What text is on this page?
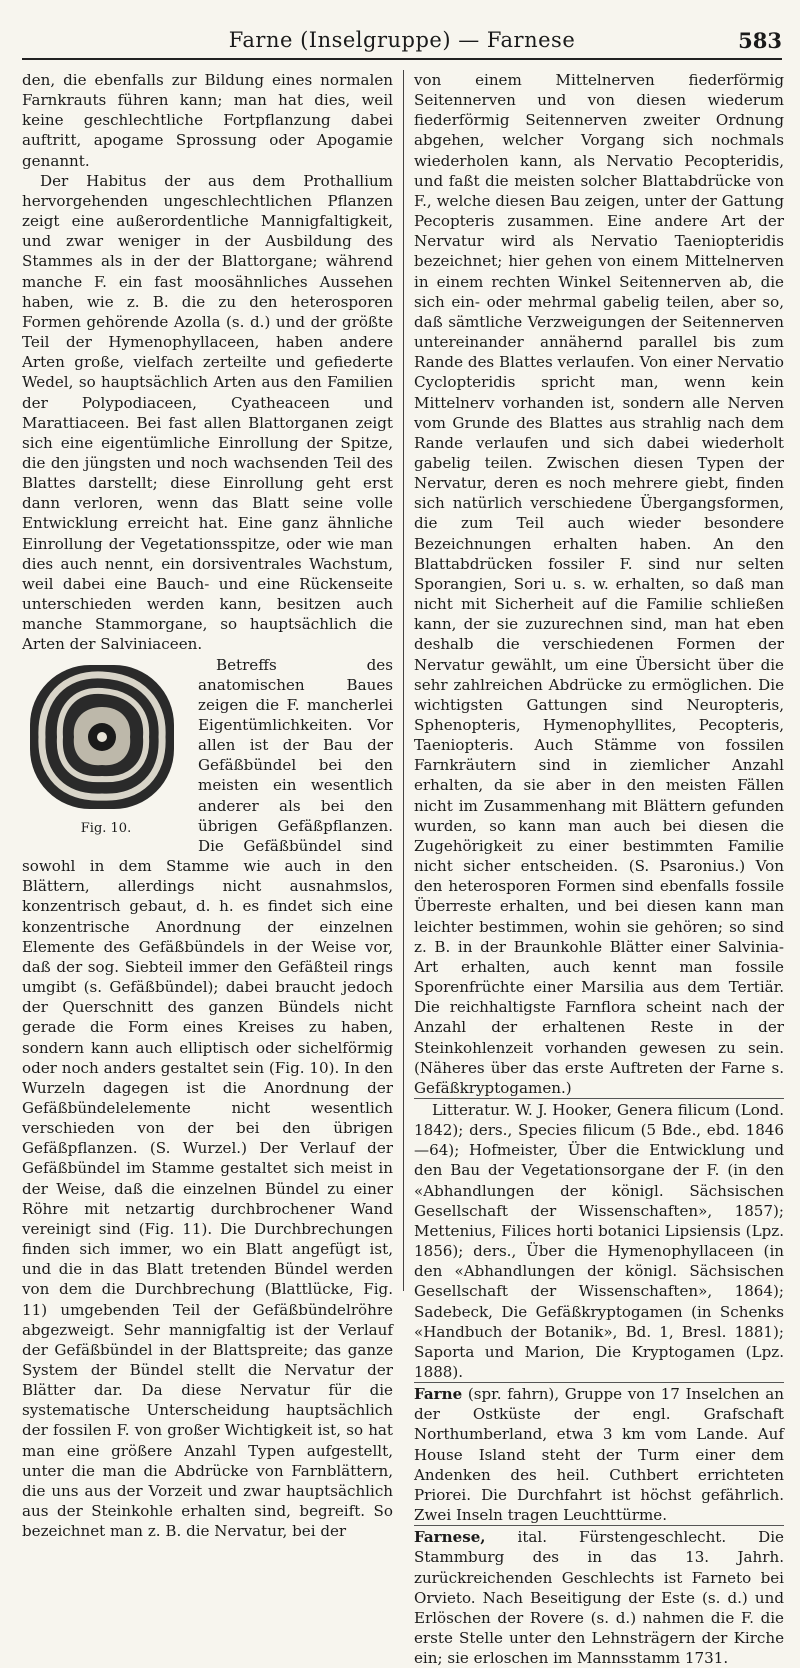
Farne (Inselgruppe) — Farnese	583

den, die ebenfalls zur Bildung eines normalen Farnkrauts führen kann; man hat dies, weil keine geschlechtliche Fortpflanzung dabei auftritt, apogame Sprossung oder Apogamie genannt.

Der Habitus der aus dem Prothallium hervorgehenden ungeschlechtlichen Pflanzen zeigt eine außerordentliche Mannigfaltigkeit, und zwar weniger in der Ausbildung des Stammes als in der der Blattorgane; während manche F. ein fast moosähnliches Aussehen haben, wie z. B. die zu den heterosporen Formen gehörende Azolla (s. d.) und der größte Teil der Hymenophyllaceen, haben andere Arten große, vielfach zerteilte und gefiederte Wedel, so hauptsächlich Arten aus den Familien der Polypodiaceen, Cyatheaceen und Marattiaceen. Bei fast allen Blattorganen zeigt sich eine eigentümliche Einrollung der Spitze, die den jüngsten und noch wachsenden Teil des Blattes darstellt; diese Einrollung geht erst dann verloren, wenn das Blatt seine volle Entwicklung erreicht hat. Eine ganz ähnliche Einrollung der Vegetationsspitze, oder wie man dies auch nennt, ein dorsiventrales Wachstum, weil dabei eine Bauch- und eine Rückenseite unterschieden werden kann, besitzen auch manche Stammorgane, so hauptsächlich die Arten der Salviniaceen.

Fig. 10.

Betreffs des anatomischen Baues zeigen die F. mancherlei Eigentümlichkeiten. Vor allen ist der Bau der Gefäßbündel bei den meisten ein wesentlich anderer als bei den übrigen Gefäßpflanzen. Die Gefäßbündel sind sowohl in dem Stamme wie auch in den Blättern, allerdings nicht ausnahmslos, konzentrisch gebaut, d. h. es findet sich eine konzentrische Anordnung der einzelnen Elemente des Gefäßbündels in der Weise vor, daß der sog. Siebteil immer den Gefäßteil rings umgibt (s. Gefäßbündel); dabei braucht jedoch der Querschnitt des ganzen Bündels nicht gerade die Form eines Kreises zu haben, sondern kann auch elliptisch oder sichelförmig oder noch anders gestaltet sein (Fig. 10). In den Wurzeln dagegen ist die Anordnung der Gefäßbündelelemente nicht wesentlich verschieden von der bei den übrigen Gefäßpflanzen. (S. Wurzel.) Der Verlauf der Gefäßbündel im Stamme gestaltet sich meist in der Weise, daß die einzelnen Bündel zu einer Röhre mit netzartig durchbrochener Wand vereinigt sind (Fig. 11). Die Durchbrechungen finden sich immer, wo ein Blatt angefügt ist, und die in das Blatt tretenden Bündel werden von dem die Durchbrechung (Blattlücke, Fig. 11) umgebenden Teil der Gefäßbündelröhre abgezweigt. Sehr mannigfaltig ist der Verlauf der Gefäßbündel in der Blattspreite; das ganze System der Bündel stellt die Nervatur der Blätter dar. Da diese Nervatur für die systematische Unterscheidung hauptsächlich der fossilen F. von großer Wichtigkeit ist, so hat man eine größere Anzahl Typen aufgestellt, unter die man die Abdrücke von Farnblättern, die uns aus der Vorzeit und zwar hauptsächlich aus der Steinkohle erhalten sind, begreift. So bezeichnet man z. B. die Nervatur, bei der

von einem Mittelnerven fiederförmig Seitennerven und von diesen wiederum fiederförmig Seitennerven zweiter Ordnung abgehen, welcher Vorgang sich nochmals wiederholen kann, als Nervatio Pecopteridis, und faßt die meisten solcher Blattabdrücke von F., welche diesen Bau zeigen, unter der Gattung Pecopteris zusammen. Eine andere Art der Nervatur wird als Nervatio Taeniopteridis bezeichnet; hier gehen von einem Mittelnerven in einem rechten Winkel Seitennerven ab, die sich ein- oder mehrmal gabelig teilen, aber so, daß sämtliche Verzweigungen der Seitennerven untereinander annähernd parallel bis zum Rande des Blattes verlaufen. Von einer Nervatio Cyclopteridis spricht man, wenn kein Mittelnerv vorhanden ist, sondern alle Nerven vom Grunde des Blattes aus strahlig nach dem Rande verlaufen und sich dabei wiederholt gabelig teilen. Zwischen diesen Typen der Nervatur, deren es noch mehrere giebt, finden sich natürlich verschiedene Übergangsformen, die zum Teil auch wieder besondere Bezeichnungen erhalten haben. An den Blattabdrücken fossiler F. sind nur selten Sporangien, Sori u. s. w. erhalten, so daß man nicht mit Sicherheit auf die Familie schließen kann, der sie zuzurechnen sind, man hat eben deshalb die verschiedenen Formen der Nervatur gewählt, um eine Übersicht über die sehr zahlreichen Abdrücke zu ermöglichen. Die wichtigsten Gattungen sind Neuropteris, Sphenopteris, Hymenophyllites, Pecopteris, Taeniopteris. Auch Stämme von fossilen Farnkräutern sind in ziemlicher Anzahl erhalten, da sie aber in den meisten Fällen nicht im Zusammenhang mit Blättern gefunden wurden, so kann man auch bei diesen die Zugehörigkeit zu einer bestimmten Familie nicht sicher entscheiden. (S. Psaronius.) Von den heterosporen Formen sind ebenfalls fossile Überreste erhalten, und bei diesen kann man leichter bestimmen, wohin sie gehören; so sind z. B. in der Braunkohle Blätter einer Salvinia-Art erhalten, auch kennt man fossile Sporenfrüchte einer Marsilia aus dem Tertiär. Die reichhaltigste Farnflora scheint nach der Anzahl der erhaltenen Reste in der Steinkohlenzeit vorhanden gewesen zu sein. (Näheres über das erste Auftreten der Farne s. Gefäßkryptogamen.)

Litteratur. W. J. Hooker, Genera filicum (Lond. 1842); ders., Species filicum (5 Bde., ebd. 1846—64); Hofmeister, Über die Entwicklung und den Bau der Vegetationsorgane der F. (in den «Abhandlungen der königl. Sächsischen Gesellschaft der Wissenschaften», 1857); Mettenius, Filices horti botanici Lipsiensis (Lpz. 1856); ders., Über die Hymenophyllaceen (in den «Abhandlungen der königl. Sächsischen Gesellschaft der Wissenschaften», 1864); Sadebeck, Die Gefäßkryptogamen (in Schenks «Handbuch der Botanik», Bd. 1, Bresl. 1881); Saporta und Marion, Die Kryptogamen (Lpz. 1888).

Farne (spr. fahrn), Gruppe von 17 Inselchen an der Ostküste der engl. Grafschaft Northumberland, etwa 3 km vom Lande. Auf House Island steht der Turm einer dem Andenken des heil. Cuthbert errichteten Priorei. Die Durchfahrt ist höchst gefährlich. Zwei Inseln tragen Leuchttürme.

Farnese, ital. Fürstengeschlecht. Die Stammburg des in das 13. Jahrh. zurückreichenden Geschlechts ist Farneto bei Orvieto. Nach Beseitigung der Este (s. d.) und Erlöschen der Rovere (s. d.) nahmen die F. die erste Stelle unter den Lehnsträgern der Kirche ein; sie erloschen im Mannsstamm 1731.
